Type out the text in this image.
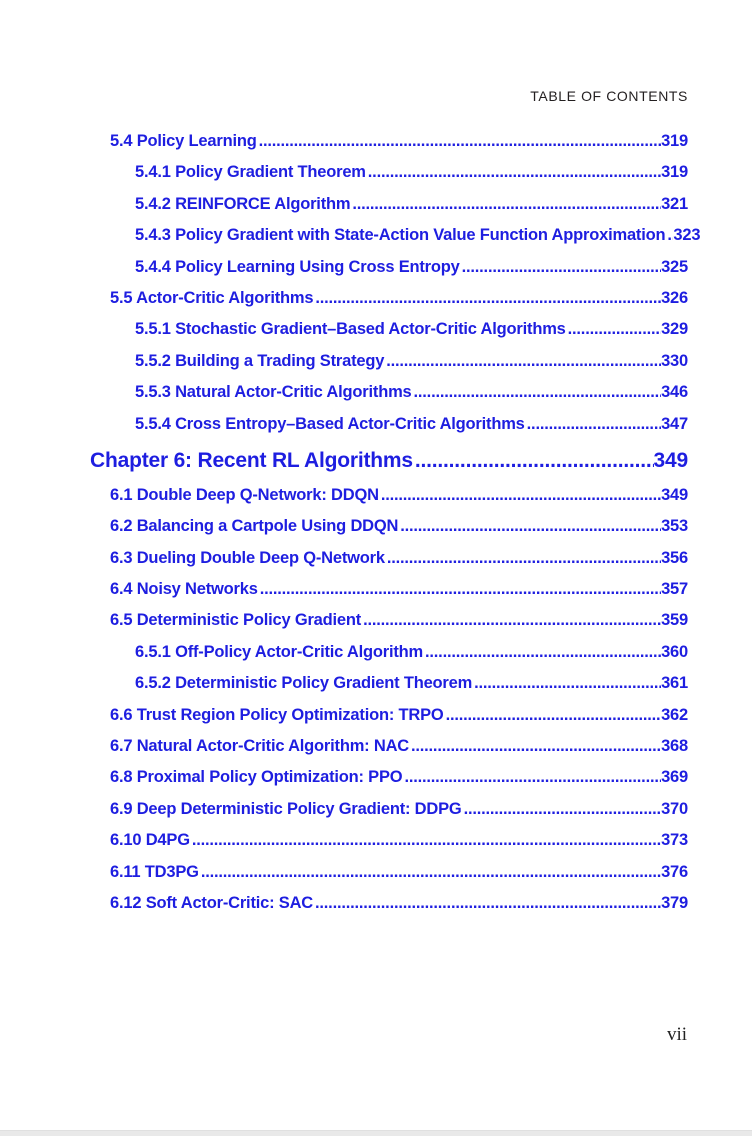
TABLE OF CONTENTS
5.4 Policy Learning .....	319
5.4.1 Policy Gradient Theorem .....	319
5.4.2 REINFORCE Algorithm .....	321
5.4.3 Policy Gradient with State-Action Value Function Approximation ..... 323
5.4.4 Policy Learning Using Cross Entropy .....	325
5.5 Actor-Critic Algorithms .....	326
5.5.1 Stochastic Gradient–Based Actor-Critic Algorithms .....	329
5.5.2 Building a Trading Strategy .....	330
5.5.3 Natural Actor-Critic Algorithms .....	346
5.5.4 Cross Entropy–Based Actor-Critic Algorithms .....	347
Chapter 6: Recent RL Algorithms .....	349
6.1 Double Deep Q-Network: DDQN .....	349
6.2 Balancing a Cartpole Using DDQN .....	353
6.3 Dueling Double Deep Q-Network .....	356
6.4 Noisy Networks .....	357
6.5 Deterministic Policy Gradient .....	359
6.5.1 Off-Policy Actor-Critic Algorithm .....	360
6.5.2 Deterministic Policy Gradient Theorem .....	361
6.6 Trust Region Policy Optimization: TRPO .....	362
6.7 Natural Actor-Critic Algorithm: NAC .....	368
6.8 Proximal Policy Optimization: PPO .....	369
6.9 Deep Deterministic Policy Gradient: DDPG .....	370
6.10 D4PG .....	373
6.11 TD3PG .....	376
6.12 Soft Actor-Critic: SAC .....	379
vii
